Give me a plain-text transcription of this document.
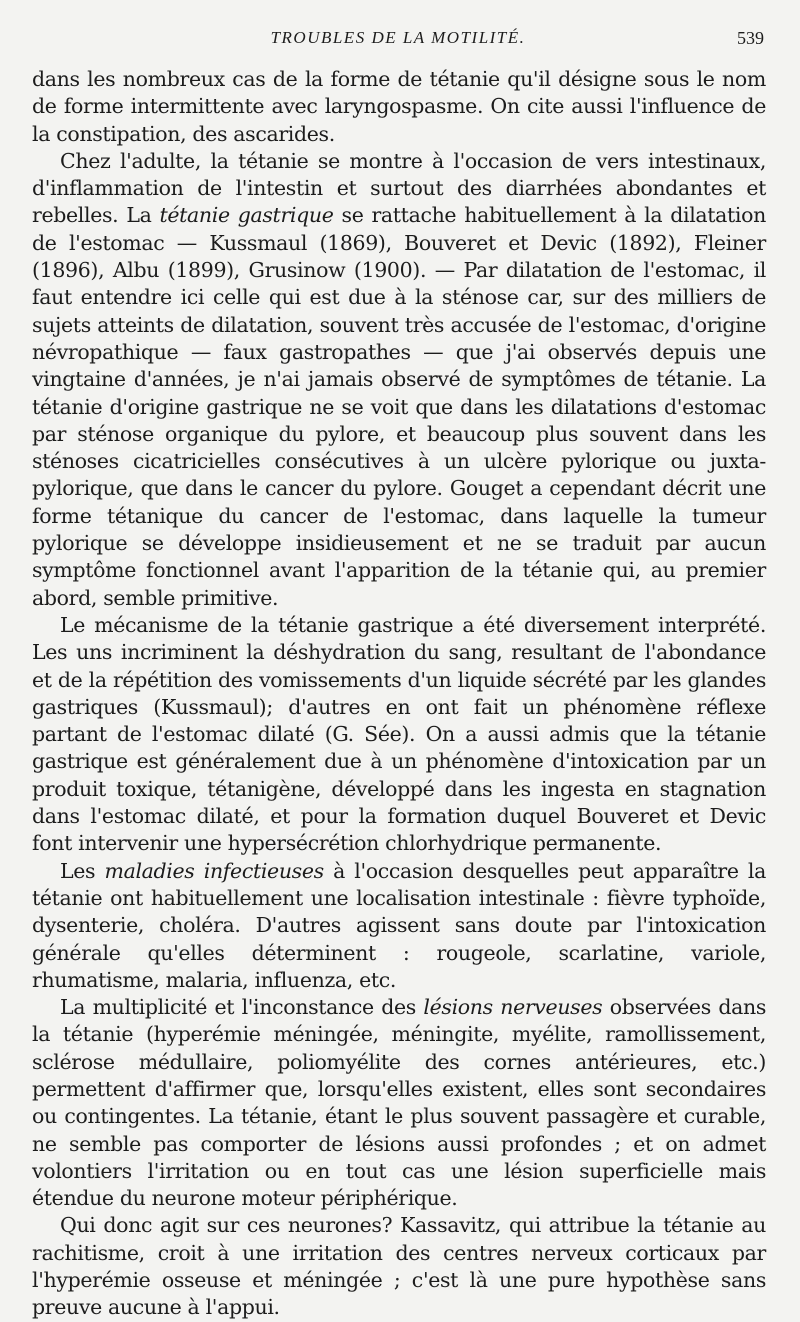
TROUBLES DE LA MOTILITÉ.	539

dans les nombreux cas de la forme de tétanie qu'il désigne sous le nom de forme intermittente avec laryngospasme. On cite aussi l'influence de la constipation, des ascarides.

Chez l'adulte, la tétanie se montre à l'occasion de vers intestinaux, d'inflammation de l'intestin et surtout des diarrhées abondantes et rebelles. La tétanie gastrique se rattache habituellement à la dilatation de l'estomac — Kussmaul (1869), Bouveret et Devic (1892), Fleiner (1896), Albu (1899), Grusinow (1900). — Par dilatation de l'estomac, il faut entendre ici celle qui est due à la sténose car, sur des milliers de sujets atteints de dilatation, souvent très accusée de l'estomac, d'origine névropathique — faux gastropathes — que j'ai observés depuis une vingtaine d'années, je n'ai jamais observé de symptômes de tétanie. La tétanie d'origine gastrique ne se voit que dans les dilatations d'estomac par sténose organique du pylore, et beaucoup plus souvent dans les sténoses cicatricielles consécutives à un ulcère pylorique ou juxta-pylorique, que dans le cancer du pylore. Gouget a cependant décrit une forme tétanique du cancer de l'estomac, dans laquelle la tumeur pylorique se développe insidieusement et ne se traduit par aucun symptôme fonctionnel avant l'apparition de la tétanie qui, au premier abord, semble primitive.

Le mécanisme de la tétanie gastrique a été diversement interprété. Les uns incriminent la déshydration du sang, resultant de l'abondance et de la répétition des vomissements d'un liquide sécrété par les glandes gastriques (Kussmaul); d'autres en ont fait un phénomène réflexe partant de l'estomac dilaté (G. Sée). On a aussi admis que la tétanie gastrique est généralement due à un phénomène d'intoxication par un produit toxique, tétanigène, développé dans les ingesta en stagnation dans l'estomac dilaté, et pour la formation duquel Bouveret et Devic font intervenir une hypersécrétion chlorhydrique permanente.

Les maladies infectieuses à l'occasion desquelles peut apparaître la tétanie ont habituellement une localisation intestinale : fièvre typhoïde, dysenterie, choléra. D'autres agissent sans doute par l'intoxication générale qu'elles déterminent : rougeole, scarlatine, variole, rhumatisme, malaria, influenza, etc.

La multiplicité et l'inconstance des lésions nerveuses observées dans la tétanie (hyperémie méningée, méningite, myélite, ramollissement, sclérose médullaire, poliomyélite des cornes antérieures, etc.) permettent d'affirmer que, lorsqu'elles existent, elles sont secondaires ou contingentes. La tétanie, étant le plus souvent passagère et curable, ne semble pas comporter de lésions aussi profondes ; et on admet volontiers l'irritation ou en tout cas une lésion superficielle mais étendue du neurone moteur périphérique.

Qui donc agit sur ces neurones? Kassavitz, qui attribue la tétanie au rachitisme, croit à une irritation des centres nerveux corticaux par l'hyperémie osseuse et méningée ; c'est là une pure hypothèse sans preuve aucune à l'appui.
